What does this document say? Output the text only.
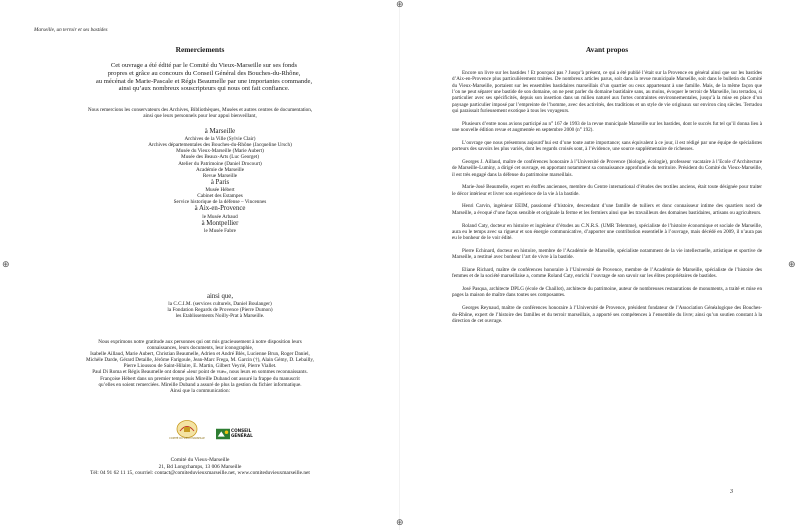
⊕
⊕	⊕
⊕
Marseille, un terroir et ses bastides
Remerciements
Cet ouvrage a été édité par le Comité du Vieux-Marseille sur ses fonds
propres et grâce au concours du Conseil Général des Bouches-du-Rhône,
au mécénat de Marie-Pascale et Régis Beaumelle par une importantes commande,
ainsi qu’aux nombreux souscripteurs qui nous ont fait confiance.
Nous remercions les conservateurs des Archives, Bibliothèques, Musées et autres centres de documentation,
ainsi que leurs personnels pour leur appui bienveillant,
à Marseille
Archives de la Ville (Sylvie Clair)
Archives départementales des Bouches-du-Rhône (Jacqueline Ursch)
Musée du Vieux-Marseille (Marie Aubert)
Musée des Beaux-Arts (Luc Georget)
Atelier du Patrimoine (Daniel Drocourt)
Académie de Marseille
Revue Marseille
à Paris
Musée Hébert
Cabinet des Estampes
Service historique de la défense – Vincennes
à Aix-en-Provence
le Musée Arbaud
à Montpellier
le Musée Fabre
ainsi que,
la C.C.I.M. (services culturels, Daniel Boulanger)
la Fondation Regards de Provence (Pierre Dumon)
les Etablissements Noilly-Prat à Marseille.
Nous exprimons notre gratitude aux personnes qui ont mis gracieusement à notre disposition leurs
connaissances, leurs documents, leur iconographie,
Isabelle Aillaud, Marie Aubert, Christian Beaumelle, Adrien et André Blès, Lucienne Brun, Roger Daniel,
Michèle Darde, Gérard Detaille, Jérôme Farigoule, Jean-Marc Frega, M. Garcin (†), Alain Gémy, D. Lebailly,
Pierre Lioussou de Saint-Hilaire, E. Martin, Gilbert Veyrié, Pierre Viallet.
Paul Di Roma et Régis Beaumelle ont donné «leur point de vue», nous leurs en sommes reconnaissants.
Françoise Hébert dans un premier temps puis Mireille Duband ont assuré la frappe du manuscrit
qu’elles en soient remerciées. Mireille Duband a assuré de plus la gestion du fichier informatique.
Ainsi que la communication:
COMITÉ DU VIEUX MARSEILLE
CONSEIL
GÉNÉRAL
Comité du Vieux-Marseille
21, Bd Longchamps, 13 006 Marseille
Tél: 04 91 62 11 15, courriel: contact@comiteduvieuxmarseille.net, www.comiteduvieuxmarseille.net
Avant propos

Encore un livre sur les bastides ! Et pourquoi pas ? Jusqu’à présent, ce qui a été publié l’était sur la Provence en général ainsi que sur les bastides d’Aix-en-Provence plus particulièrement traitées. De nombreux articles parus, soit dans la revue municipale Marseille, soit dans le bulletin du Comité du Vieux-Marseille, portaient sur les ensembles bastidaires marseillais d’un quartier ou ceux appartenant à une famille. Mais, de la même façon que l’on ne peut séparer une bastide de son domaine, on ne peut parler du domaine bastidaire sans, au moins, évoquer le terroir de Marseille, lou terradou, si particulier avec ses spécificités, depuis son insertion dans un milieu naturel aux fortes contraintes environnementales, jusqu’à la mise en place d’un paysage particulier imposé par l’empreinte de l’homme, avec des activités, des traditions et un style de vie originaux sur environ cinq siècles. Terradou qui paraissait furieusement exotique à tous les voyageurs.

Plusieurs d’entre nous avions participé au n° 167 de 1993 de la revue municipale Marseille sur les bastides, dont le succès fut tel qu’il donna lieu à une nouvelle édition revue et augmentée en septembre 2000 (n° 192).

L’ouvrage que nous présentons aujourd’hui est d’une toute autre importance; sans équivalent à ce jour, il est rédigé par une équipe de spécialistes porteurs des savoirs les plus variés, dont les regards croisés sont, à l’évidence, une source supplémentaire de richesses.

Georges J. Aillaud, maître de conférences honoraire à l’Université de Provence (biologie, écologie), professeur vacataire à l’Ecole d’Architecture de Marseille-Luminy, a dirigé cet ouvrage, en apportant notamment sa connaissance approfondie du territoire. Président du Comité du Vieux-Marseille, il est très engagé dans la défense du patrimoine marseillais.

Marie-José Beaumelle, expert en étoffes anciennes, membre du Centre international d’études des textiles anciens, était toute désignée pour traiter le décor intérieur et livrer son expérience de la vie à la bastide.

Henri Carvin, ingénieur EEIM, passionné d’histoire, descendant d’une famille de tuiliers et donc connaisseur intime des quartiers nord de Marseille, a évoqué d’une façon sensible et originale la ferme et les fermiers ainsi que les travailleurs des domaines bastidaires, artisans ou agriculteurs.

Roland Caty, docteur en histoire et ingénieur d’études au C.N.R.S. (UMR Telemme), spécialiste de l’histoire économique et sociale de Marseille, aura eu le temps avec sa rigueur et son énergie communicative, d’apporter une contribution essentielle à l’ouvrage, mais décédé en 2009, il n’aura pas eu le bonheur de le voir édité.

Pierre Echinard, docteur en histoire, membre de l’Académie de Marseille, spécialiste notamment de la vie intellectuelle, artistique et sportive de Marseille, a restitué avec bonheur l’art de vivre à la bastide.

Eliane Richard, maître de conférences honoraire à l’Université de Provence, membre de l’Académie de Marseille, spécialiste de l’histoire des femmes et de la société marseillaise a, comme Roland Caty, enrichi l’ouvrage de son savoir sur les élites propriétaires de bastides.

José Pasqua, architecte DPLG (école de Chaillot), architecte du patrimoine, auteur de nombreuses restaurations de monuments, a traité et mise en pages la maison de maître dans toutes ses composantes.

Georges Reynaud, maître de conférences honoraire à l’Université de Provence, président fondateur de l’Association Généalogique des Bouches-du-Rhône, expert de l’histoire des familles et du terroir marseillais, a apporté ses compétences à l’ensemble du livre; ainsi qu’un soutien constant à la direction de cet ouvrage.

3
